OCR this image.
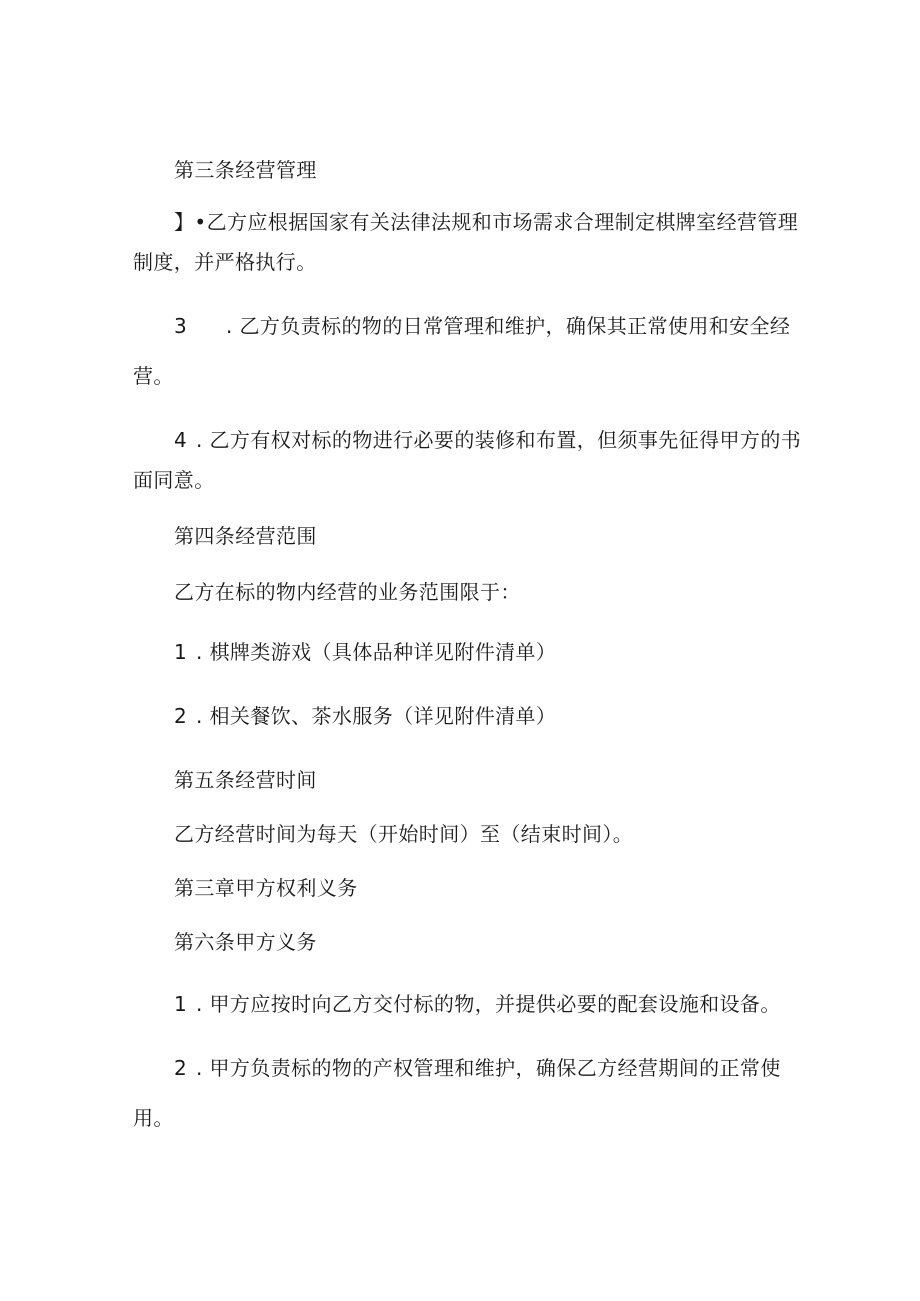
第三条经营管理
】•乙方应根据国家有关法律法规和市场需求合理制定棋牌室经营管理
制度，并严格执行。
3 . 乙方负责标的物的日常管理和维护，确保其正常使用和安全经
营。
4 . 乙方有权对标的物进行必要的装修和布置，但须事先征得甲方的书
面同意。
第四条经营范围
乙方在标的物内经营的业务范围限于：
1 . 棋牌类游戏（具体品种详见附件清单）
2 . 相关餐饮、茶水服务（详见附件清单）
第五条经营时间
乙方经营时间为每天（开始时间）至（结束时间）。
第三章甲方权利义务
第六条甲方义务
1 . 甲方应按时向乙方交付标的物，并提供必要的配套设施和设备。
2 . 甲方负责标的物的产权管理和维护，确保乙方经营期间的正常使
用。
